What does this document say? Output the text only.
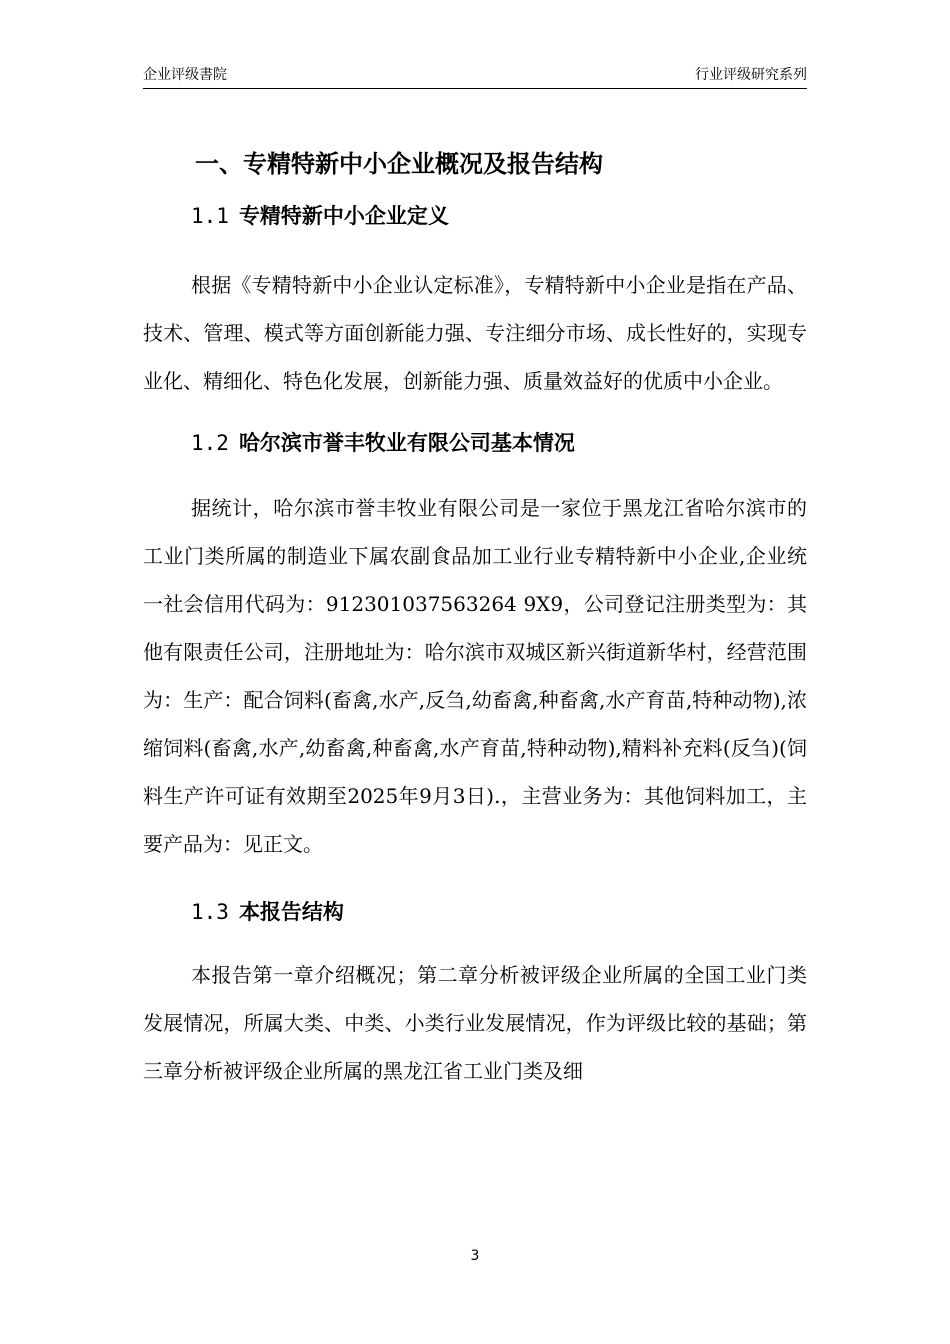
企业评级書院	行业评级研究系列
一、专精特新中小企业概况及报告结构
1.1 专精特新中小企业定义

根据《专精特新中小企业认定标准》，专精特新中小企业是指在产品、技术、管理、模式等方面创新能力强、专注细分市场、成长性好的，实现专业化、精细化、特色化发展，创新能力强、质量效益好的优质中小企业。

1.2 哈尔滨市誉丰牧业有限公司基本情况

据统计，哈尔滨市誉丰牧业有限公司是一家位于黑龙江省哈尔滨市的工业门类所属的制造业下属农副食品加工业行业专精特新中小企业,企业统一社会信用代码为：912301037563264 9X9，公司登记注册类型为：其他有限责任公司，注册地址为：哈尔滨市双城区新兴街道新华村，经营范围为：生产：配合饲料(畜禽,水产,反刍,幼畜禽,种畜禽,水产育苗,特种动物),浓缩饲料(畜禽,水产,幼畜禽,种畜禽,水产育苗,特种动物),精料补充料(反刍)(饲料生产许可证有效期至2025年9月3日).，主营业务为：其他饲料加工，主要产品为：见正文。

1.3 本报告结构

本报告第一章介绍概况；第二章分析被评级企业所属的全国工业门类发展情况，所属大类、中类、小类行业发展情况，作为评级比较的基础；第三章分析被评级企业所属的黑龙江省工业门类及细

3
